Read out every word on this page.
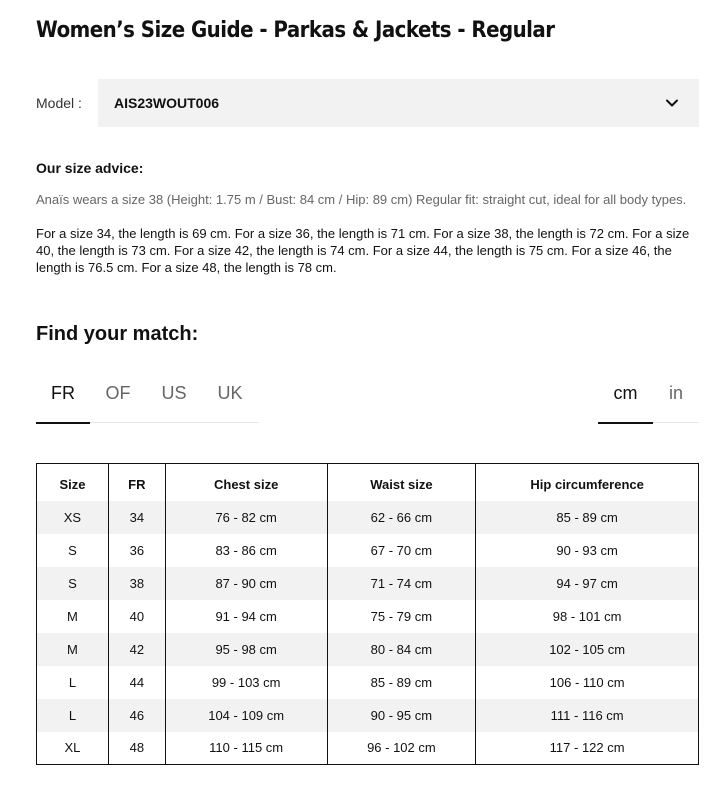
Women’s Size Guide - Parkas & Jackets - Regular
Model :	AIS23WOUT006
Our size advice:

Anaïs wears a size 38 (Height: 1.75 m / Bust: 84 cm / Hip: 89 cm) Regular fit: straight cut, ideal for all body types.

For a size 34, the length is 69 cm. For a size 36, the length is 71 cm. For a size 38, the length is 72 cm. For a size 40, the length is 73 cm. For a size 42, the length is 74 cm. For a size 44, the length is 75 cm. For a size 46, the length is 76.5 cm. For a size 48, the length is 78 cm.

Find your match:
FR	OF	US	UK	cm	in
Size	FR	Chest size	Waist size	Hip circumference
XS	34	76 - 82 cm	62 - 66 cm	85 - 89 cm
S	36	83 - 86 cm	67 - 70 cm	90 - 93 cm
S	38	87 - 90 cm	71 - 74 cm	94 - 97 cm
M	40	91 - 94 cm	75 - 79 cm	98 - 101 cm
M	42	95 - 98 cm	80 - 84 cm	102 - 105 cm
L	44	99 - 103 cm	85 - 89 cm	106 - 110 cm
L	46	104 - 109 cm	90 - 95 cm	111 - 116 cm
XL	48	110 - 115 cm	96 - 102 cm	117 - 122 cm
